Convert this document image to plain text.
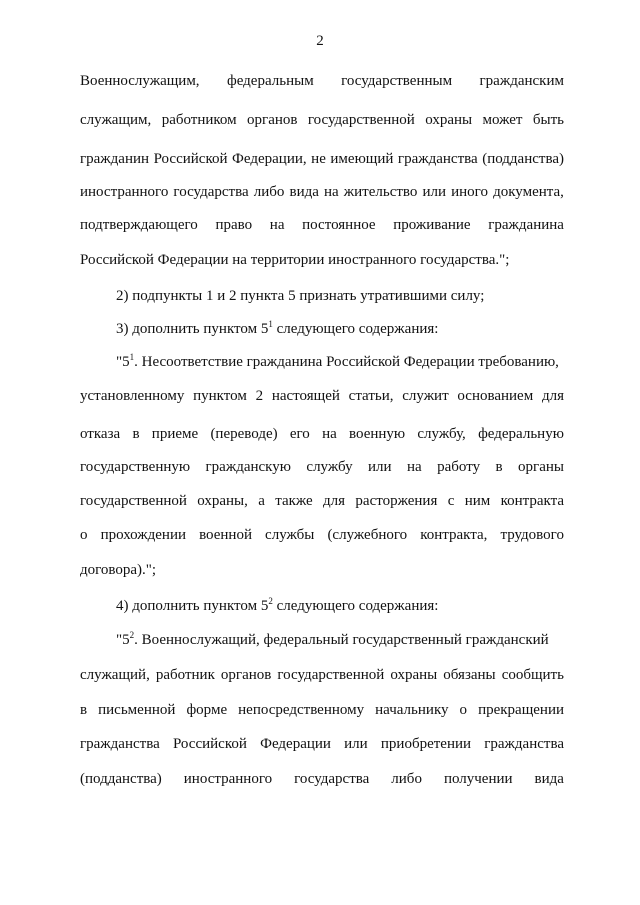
2
Военнослужащим, федеральным государственным гражданским
служащим, работником органов государственной охраны может быть
гражданин Российской Федерации, не имеющий гражданства (подданства)
иностранного государства либо вида на жительство или иного документа,
подтверждающего право на постоянное проживание гражданина
Российской Федерации на территории иностранного государства.";
2) подпункты 1 и 2 пункта 5 признать утратившими силу;
3) дополнить пунктом $5^1$ следующего содержания:
"$5^1$. Несоответствие гражданина Российской Федерации требованию,
установленному пунктом 2 настоящей статьи, служит основанием для
отказа в приеме (переводе) его на военную службу, федеральную
государственную гражданскую службу или на работу в органы
государственной охраны, а также для расторжения с ним контракта
о прохождении военной службы (служебного контракта, трудового
договора).";
4) дополнить пунктом $5^2$ следующего содержания:
"$5^2$. Военнослужащий, федеральный государственный гражданский
служащий, работник органов государственной охраны обязаны сообщить
в письменной форме непосредственному начальнику о прекращении
гражданства Российской Федерации или приобретении гражданства
(подданства) иностранного государства либо получении вида
